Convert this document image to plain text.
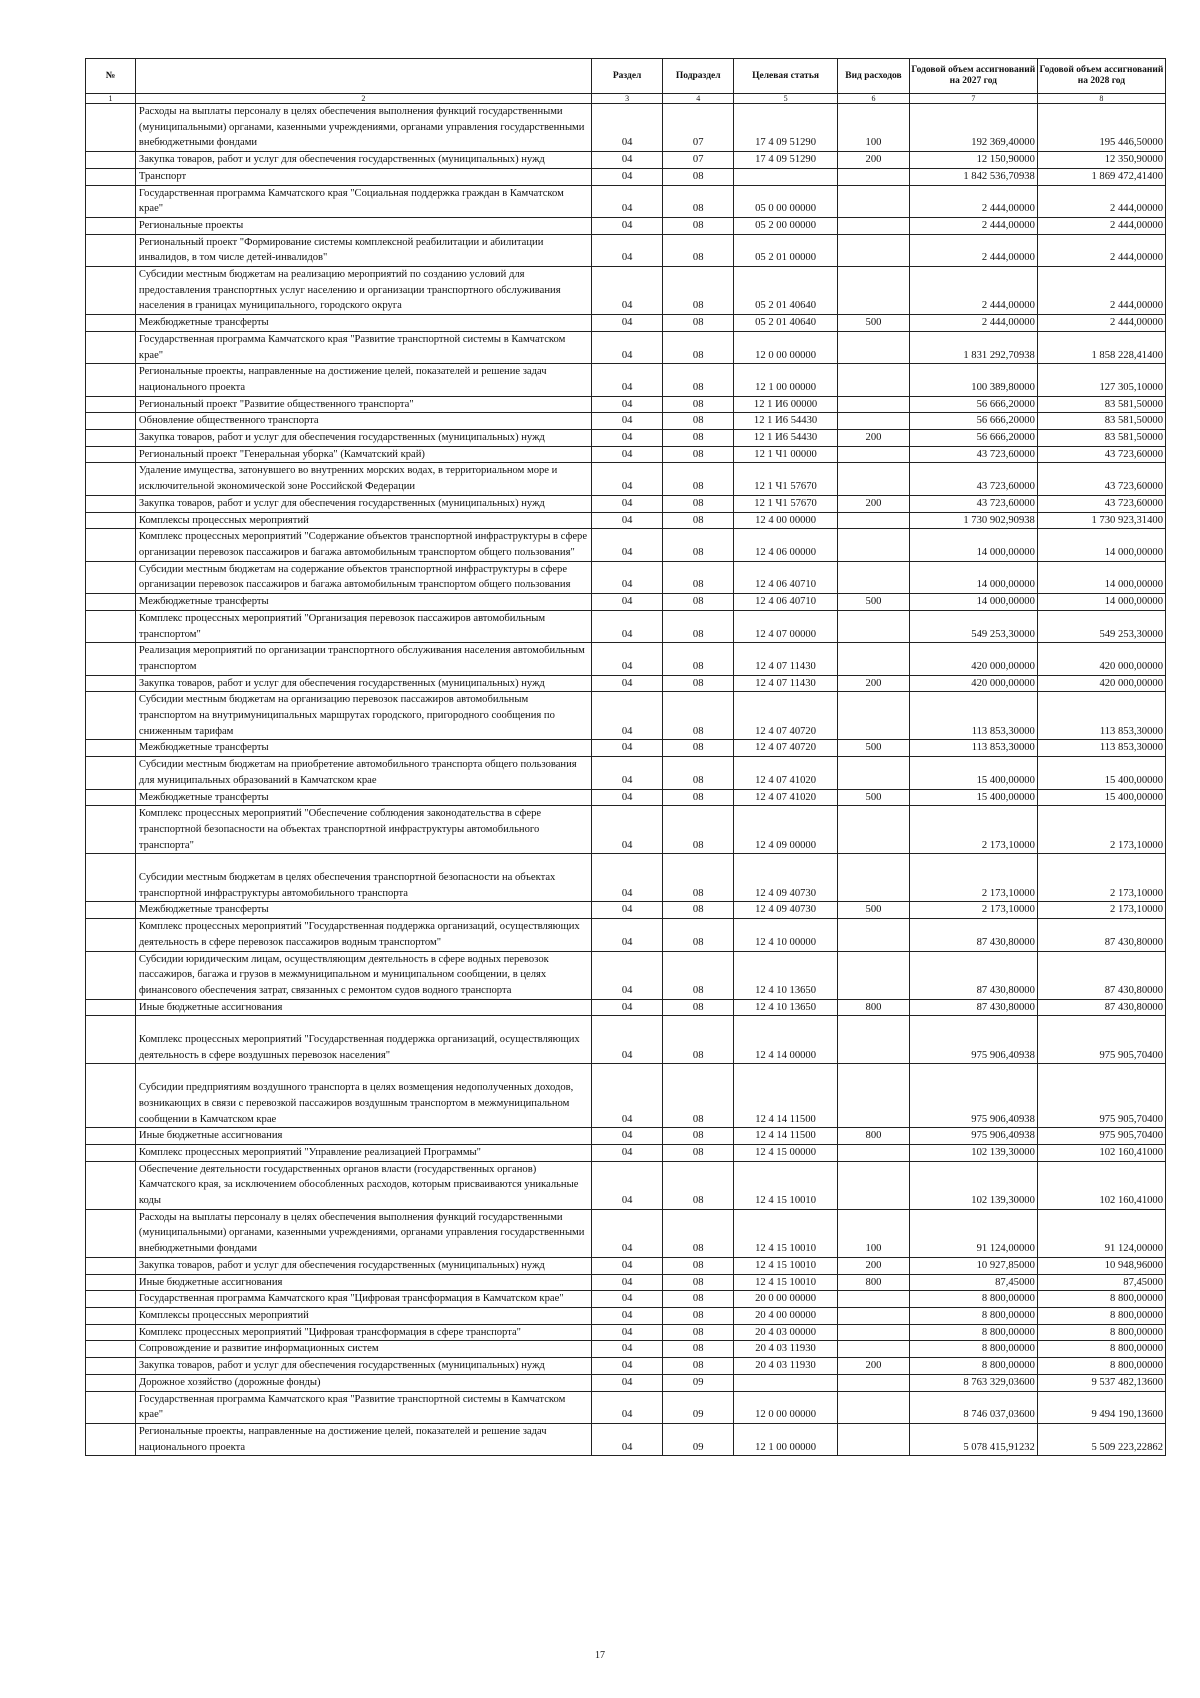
№		Раздел	Подраздел	Целевая статья	Вид расходов	Годовой объем ассигнований на 2027 год	Годовой объем ассигнований на 2028 год
1	2	3	4	5	6	7	8
	Расходы на выплаты персоналу в целях обеспечения выполнения функций государственными (муниципальными) органами, казенными учреждениями, органами управления государственными внебюджетными фондами	04	07	17 4 09 51290	100	192 369,40000	195 446,50000
	Закупка товаров, работ и услуг для обеспечения государственных (муниципальных) нужд	04	07	17 4 09 51290	200	12 150,90000	12 350,90000
	Транспорт	04	08			1 842 536,70938	1 869 472,41400
	Государственная программа Камчатского края "Социальная поддержка граждан в Камчатском крае"	04	08	05 0 00 00000		2 444,00000	2 444,00000
	Региональные проекты	04	08	05 2 00 00000		2 444,00000	2 444,00000
	Региональный проект "Формирование системы комплексной реабилитации и абилитации инвалидов, в том числе детей-инвалидов"	04	08	05 2 01 00000		2 444,00000	2 444,00000
	Субсидии местным бюджетам на реализацию мероприятий по созданию условий для предоставления транспортных услуг населению и организации транспортного обслуживания населения в границах муниципального, городского округа	04	08	05 2 01 40640		2 444,00000	2 444,00000
	Межбюджетные трансферты	04	08	05 2 01 40640	500	2 444,00000	2 444,00000
	Государственная программа Камчатского края "Развитие транспортной системы в Камчатском крае"	04	08	12 0 00 00000		1 831 292,70938	1 858 228,41400
	Региональные проекты, направленные на достижение целей, показателей и решение задач национального проекта	04	08	12 1 00 00000		100 389,80000	127 305,10000
	Региональный проект "Развитие общественного транспорта"	04	08	12 1 И6 00000		56 666,20000	83 581,50000
	Обновление общественного транспорта	04	08	12 1 И6 54430		56 666,20000	83 581,50000
	Закупка товаров, работ и услуг для обеспечения государственных (муниципальных) нужд	04	08	12 1 И6 54430	200	56 666,20000	83 581,50000
	Региональный проект "Генеральная уборка" (Камчатский край)	04	08	12 1 Ч1 00000		43 723,60000	43 723,60000
	Удаление имущества, затонувшего во внутренних морских водах, в территориальном море и исключительной экономической зоне Российской Федерации	04	08	12 1 Ч1 57670		43 723,60000	43 723,60000
	Закупка товаров, работ и услуг для обеспечения государственных (муниципальных) нужд	04	08	12 1 Ч1 57670	200	43 723,60000	43 723,60000
	Комплексы процессных мероприятий	04	08	12 4 00 00000		1 730 902,90938	1 730 923,31400
	Комплекс процессных мероприятий "Содержание объектов транспортной инфраструктуры в сфере организации перевозок пассажиров и багажа автомобильным транспортом общего пользования"	04	08	12 4 06 00000		14 000,00000	14 000,00000
	Субсидии местным бюджетам на содержание объектов транспортной инфраструктуры в сфере организации перевозок пассажиров и багажа автомобильным транспортом общего пользования	04	08	12 4 06 40710		14 000,00000	14 000,00000
	Межбюджетные трансферты	04	08	12 4 06 40710	500	14 000,00000	14 000,00000
	Комплекс процессных мероприятий "Организация перевозок пассажиров автомобильным транспортом"	04	08	12 4 07 00000		549 253,30000	549 253,30000
	Реализация мероприятий по организации транспортного обслуживания населения автомобильным транспортом	04	08	12 4 07 11430		420 000,00000	420 000,00000
	Закупка товаров, работ и услуг для обеспечения государственных (муниципальных) нужд	04	08	12 4 07 11430	200	420 000,00000	420 000,00000
	Субсидии местным бюджетам на организацию перевозок пассажиров автомобильным транспортом на внутримуниципальных маршрутах городского, пригородного сообщения по сниженным тарифам	04	08	12 4 07 40720		113 853,30000	113 853,30000
	Межбюджетные трансферты	04	08	12 4 07 40720	500	113 853,30000	113 853,30000
	Субсидии местным бюджетам на приобретение автомобильного транспорта общего пользования для муниципальных образований в Камчатском крае	04	08	12 4 07 41020		15 400,00000	15 400,00000
	Межбюджетные трансферты	04	08	12 4 07 41020	500	15 400,00000	15 400,00000
	Комплекс процессных мероприятий "Обеспечение соблюдения законодательства в сфере транспортной безопасности на объектах транспортной инфраструктуры автомобильного транспорта"	04	08	12 4 09 00000		2 173,10000	2 173,10000
	Субсидии местным бюджетам в целях обеспечения транспортной безопасности на объектах транспортной инфраструктуры автомобильного транспорта	04	08	12 4 09 40730		2 173,10000	2 173,10000
	Межбюджетные трансферты	04	08	12 4 09 40730	500	2 173,10000	2 173,10000
	Комплекс процессных мероприятий "Государственная поддержка организаций, осуществляющих деятельность в сфере перевозок пассажиров водным транспортом"	04	08	12 4 10 00000		87 430,80000	87 430,80000
	Субсидии юридическим лицам, осуществляющим деятельность в сфере водных перевозок пассажиров, багажа и грузов в межмуниципальном и муниципальном сообщении, в целях финансового обеспечения затрат, связанных с ремонтом судов водного транспорта	04	08	12 4 10 13650		87 430,80000	87 430,80000
	Иные бюджетные ассигнования	04	08	12 4 10 13650	800	87 430,80000	87 430,80000
	Комплекс процессных мероприятий "Государственная поддержка организаций, осуществляющих деятельность в сфере воздушных перевозок населения"	04	08	12 4 14 00000		975 906,40938	975 905,70400
	Субсидии предприятиям воздушного транспорта в целях возмещения недополученных доходов, возникающих в связи с перевозкой пассажиров воздушным транспортом в межмуниципальном сообщении в Камчатском крае	04	08	12 4 14 11500		975 906,40938	975 905,70400
	Иные бюджетные ассигнования	04	08	12 4 14 11500	800	975 906,40938	975 905,70400
	Комплекс процессных мероприятий "Управление реализацией Программы"	04	08	12 4 15 00000		102 139,30000	102 160,41000
	Обеспечение деятельности государственных органов власти (государственных органов) Камчатского края, за исключением обособленных расходов, которым присваиваются уникальные коды	04	08	12 4 15 10010		102 139,30000	102 160,41000
	Расходы на выплаты персоналу в целях обеспечения выполнения функций государственными (муниципальными) органами, казенными учреждениями, органами управления государственными внебюджетными фондами	04	08	12 4 15 10010	100	91 124,00000	91 124,00000
	Закупка товаров, работ и услуг для обеспечения государственных (муниципальных) нужд	04	08	12 4 15 10010	200	10 927,85000	10 948,96000
	Иные бюджетные ассигнования	04	08	12 4 15 10010	800	87,45000	87,45000
	Государственная программа Камчатского края "Цифровая трансформация в Камчатском крае"	04	08	20 0 00 00000		8 800,00000	8 800,00000
	Комплексы процессных мероприятий	04	08	20 4 00 00000		8 800,00000	8 800,00000
	Комплекс процессных мероприятий "Цифровая трансформация в сфере транспорта"	04	08	20 4 03 00000		8 800,00000	8 800,00000
	Сопровождение и развитие информационных систем	04	08	20 4 03 11930		8 800,00000	8 800,00000
	Закупка товаров, работ и услуг для обеспечения государственных (муниципальных) нужд	04	08	20 4 03 11930	200	8 800,00000	8 800,00000
	Дорожное хозяйство (дорожные фонды)	04	09			8 763 329,03600	9 537 482,13600
	Государственная программа Камчатского края "Развитие транспортной системы в Камчатском крае"	04	09	12 0 00 00000		8 746 037,03600	9 494 190,13600
	Региональные проекты, направленные на достижение целей, показателей и решение задач национального проекта	04	09	12 1 00 00000		5 078 415,91232	5 509 223,22862
17
